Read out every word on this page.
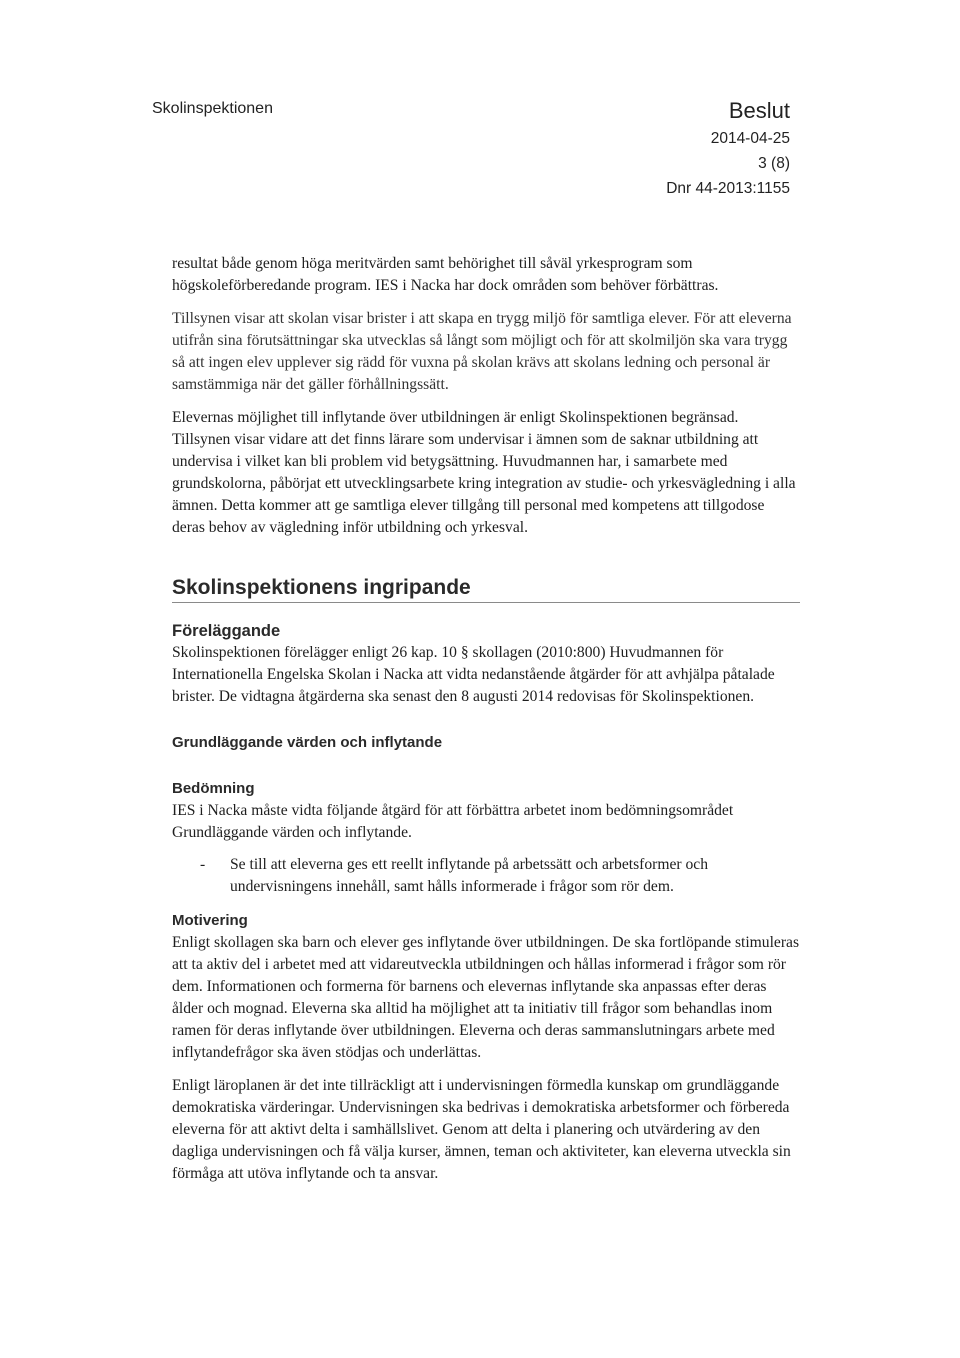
Skolinspektionen	Beslut
2014-04-25
3 (8)
Dnr 44-2013:1155

resultat både genom höga meritvärden samt behörighet till såväl yrkesprogram som högskoleförberedande program. IES i Nacka har dock områden som behöver förbättras.

Tillsynen visar att skolan visar brister i att skapa en trygg miljö för samtliga elever. För att eleverna utifrån sina förutsättningar ska utvecklas så långt som möjligt och för att skolmiljön ska vara trygg så att ingen elev upplever sig rädd för vuxna på skolan krävs att skolans ledning och personal är samstämmiga när det gäller förhållningssätt.

Elevernas möjlighet till inflytande över utbildningen är enligt Skolinspektionen begränsad. Tillsynen visar vidare att det finns lärare som undervisar i ämnen som de saknar utbildning att undervisa i vilket kan bli problem vid betygsättning. Huvudmannen har, i samarbete med grundskolorna, påbörjat ett utvecklingsarbete kring integration av studie- och yrkesvägledning i alla ämnen. Detta kommer att ge samtliga elever tillgång till personal med kompetens att tillgodose deras behov av vägledning inför utbildning och yrkesval.

Skolinspektionens ingripande

Föreläggande

Skolinspektionen förelägger enligt 26 kap. 10 § skollagen (2010:800) Huvudmannen för Internationella Engelska Skolan i Nacka att vidta nedanstående åtgärder för att avhjälpa påtalade brister. De vidtagna åtgärderna ska senast den 8 augusti 2014 redovisas för Skolinspektionen.

Grundläggande värden och inflytande

Bedömning

IES i Nacka måste vidta följande åtgärd för att förbättra arbetet inom bedömningsområdet Grundläggande värden och inflytande.

-	Se till att eleverna ges ett reellt inflytande på arbetssätt och arbetsformer och undervisningens innehåll, samt hålls informerade i frågor som rör dem.

Motivering

Enligt skollagen ska barn och elever ges inflytande över utbildningen. De ska fortlöpande stimuleras att ta aktiv del i arbetet med att vidareutveckla utbildningen och hållas informerad i frågor som rör dem. Informationen och formerna för barnens och elevernas inflytande ska anpassas efter deras ålder och mognad. Eleverna ska alltid ha möjlighet att ta initiativ till frågor som behandlas inom ramen för deras inflytande över utbildningen. Eleverna och deras sammanslutningars arbete med inflytandefrågor ska även stödjas och underlättas.

Enligt läroplanen är det inte tillräckligt att i undervisningen förmedla kunskap om grundläggande demokratiska värderingar. Undervisningen ska bedrivas i demokratiska arbetsformer och förbereda eleverna för att aktivt delta i samhällslivet. Genom att delta i planering och utvärdering av den dagliga undervisningen och få välja kurser, ämnen, teman och aktiviteter, kan eleverna utveckla sin förmåga att utöva inflytande och ta ansvar.
